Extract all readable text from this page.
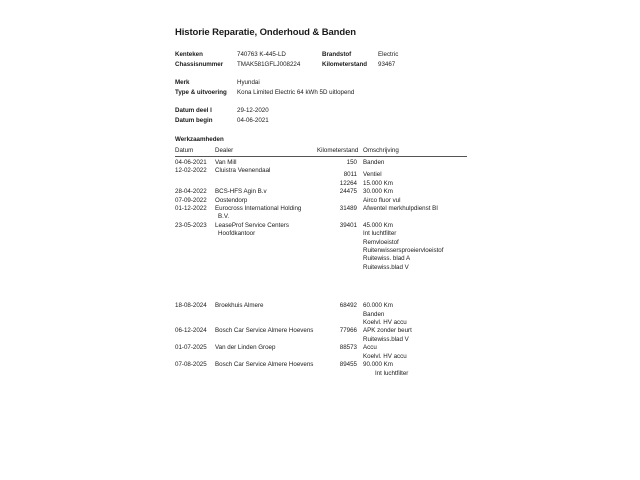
Historie Reparatie, Onderhoud & Banden
Kenteken	740763 K-445-LD	Brandstof	Electric
Chassisnummer	TMAK581GFLJ008224	Kilometerstand	93467
Merk	Hyundai
Type & uitvoering	Kona Limited Electric 64 kWh 5D uitlopend
Datum deel I	29-12-2020
Datum begin	04-06-2021
Werkzaamheden
Datum	Dealer	Kilometerstand Omschrijving
04-06-2021	Van Mill	150 Banden
12-02-2022	Cluistra Veenendaal
8011 Ventiel
12264 15.000 Km
28-04-2022	BCS-HFS Agin B.v	24475 30.000 Km
07-09-2022	Oostendorp	Airco fluor vul
01-12-2022	Eurocross International Holding
B.V.
31489 Afwentel merkhulpdienst BI
23-05-2023	LeaseProf Service Centers
Hoofdkantoor
39401 45.000 Km
Int luchtfilter
Remvloeistof
Ruitenwissersproeiervloeistof
Ruitewiss. blad A
Ruitewiss.blad V
18-08-2024	Broekhuis Almere	68492 60.000 Km
Banden
Koelvl. HV accu
06-12-2024	Bosch Car Service Almere Hoevens	77966 APK zonder beurt
Ruitewiss.blad V
01-07-2025	Van der Linden Groep	88573 Accu
Koelvl. HV accu
07-08-2025	Bosch Car Service Almere Hoevens	89455 90.000 Km
Int luchtfilter
